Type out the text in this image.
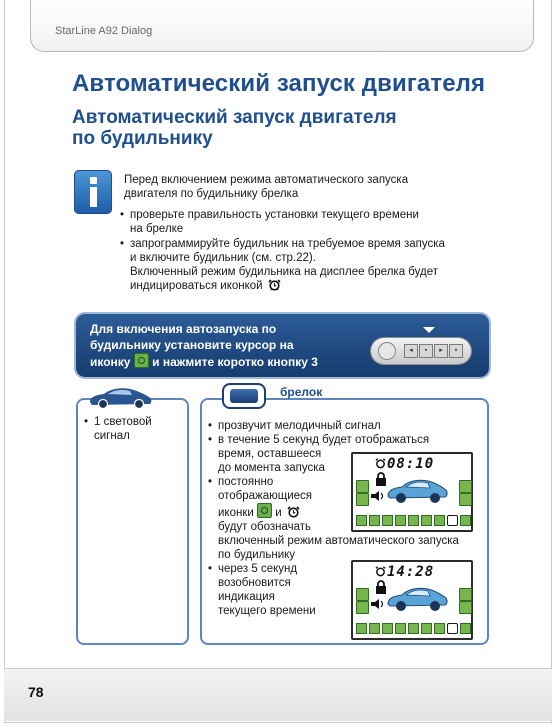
StarLine A92 Dialog
Автоматический запуск двигателя
Автоматический запуск двигателя по будильнику
Перед включением режима автоматического запуска двигателя по будильнику брелка
• проверьте правильность установки текущего времени
на брелке
• запрограммируйте будильник на требуемое время запуска
и включите будильник (см. стр.22).
Включенный режим будильника на дисплее брелка будет
индицироваться иконкой
Для включения автозапуска по
будильнику установите курсор на
иконку и нажмите коротко кнопку 3
◂	▪	▸	▪
брелок
• 1 световой
сигнал
• прозвучит мелодичный сигнал
• в течение 5 секунд будет отображаться
время, оставшееся
до момента запуска
• постоянно
отображающиеся
иконки и
будут обозначать
включенный режим автоматического запуска
по будильнику
• через 5 секунд
возобновится
индикация
текущего времени
08:10
14:28
78
